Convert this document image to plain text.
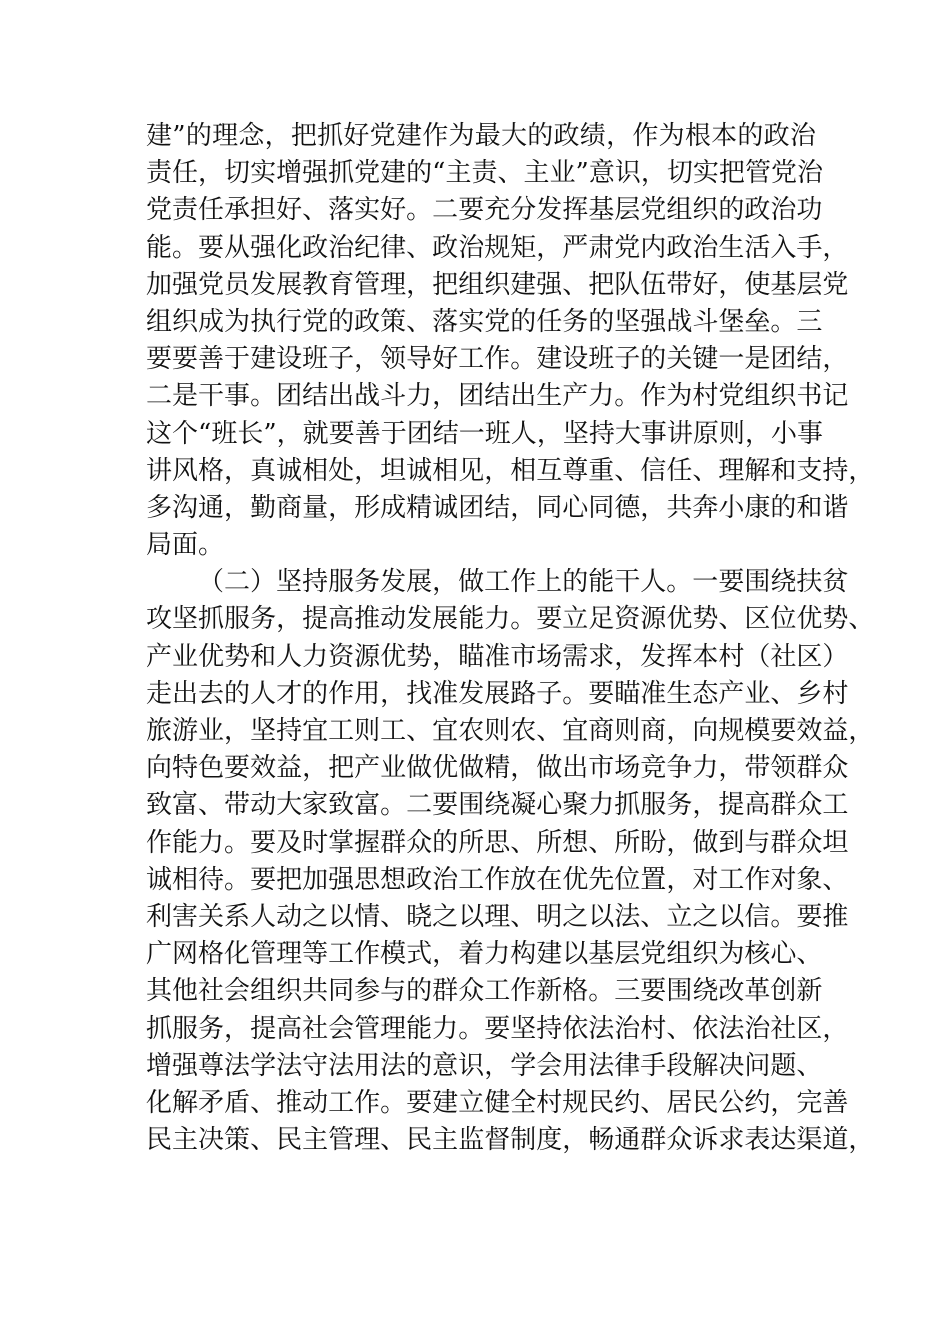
建 ” 的 理 念 ， 把 抓 好 党 建 作 为 最 大 的 政 绩 ， 作 为 根 本 的 政 治
责 任 ， 切 实 增 强 抓 党 建 的 “ 主 责 、 主 业 ” 意 识 ， 切 实 把 管 党 治
党 责 任 承 担 好 、 落 实 好 。 二 要 充 分 发 挥 基 层 党 组 织 的 政 治 功
能 。 要 从 强 化 政 治 纪 律 、 政 治 规 矩 ， 严 肃 党 内 政 治 生 活 入 手 ，
加 强 党 员 发 展 教 育 管 理 ， 把 组 织 建 强 、 把 队 伍 带 好 ， 使 基 层 党
组 织 成 为 执 行 党 的 政 策 、 落 实 党 的 任 务 的 坚 强 战 斗 堡 垒 。 三
要 要 善 于 建 设 班 子 ， 领 导 好 工 作 。 建 设 班 子 的 关 键 一 是 团 结 ，
二 是 干 事 。 团 结 出 战 斗 力 ， 团 结 出 生 产 力 。 作 为 村 党 组 织 书 记
这 个 “ 班 长 ” ， 就 要 善 于 团 结 一 班 人 ， 坚 持 大 事 讲 原 则 ， 小 事
讲 风 格 ， 真 诚 相 处 ， 坦 诚 相 见 ， 相 互 尊 重 、 信 任 、 理 解 和 支 持 ，
多 沟 通 ， 勤 商 量 ， 形 成 精 诚 团 结 ， 同 心 同 德 ， 共 奔 小 康 的 和 谐
局面。
（ 二 ） 坚 持 服 务 发 展 ， 做 工 作 上 的 能 干 人 。 一 要 围 绕 扶 贫
攻 坚 抓 服 务 ， 提 高 推 动 发 展 能 力 。 要 立 足 资 源 优 势 、 区 位 优 势 、
产 业 优 势 和 人 力 资 源 优 势 ， 瞄 准 市 场 需 求 ， 发 挥 本 村 （ 社 区 ）
走 出 去 的 人 才 的 作 用 ， 找 准 发 展 路 子 。 要 瞄 准 生 态 产 业 、 乡 村
旅 游 业 ， 坚 持 宜 工 则 工 、 宜 农 则 农 、 宜 商 则 商 ， 向 规 模 要 效 益 ，
向 特 色 要 效 益 ， 把 产 业 做 优 做 精 ， 做 出 市 场 竞 争 力 ， 带 领 群 众
致 富 、 带 动 大 家 致 富 。 二 要 围 绕 凝 心 聚 力 抓 服 务 ， 提 高 群 众 工
作 能 力 。 要 及 时 掌 握 群 众 的 所 思 、 所 想 、 所 盼 ， 做 到 与 群 众 坦
诚 相 待 。 要 把 加 强 思 想 政 治 工 作 放 在 优 先 位 置 ， 对 工 作 对 象 、
利 害 关 系 人 动 之 以 情 、 晓 之 以 理 、 明 之 以 法 、 立 之 以 信 。 要 推
广 网 格 化 管 理 等 工 作 模 式 ， 着 力 构 建 以 基 层 党 组 织 为 核 心 、
其 他 社 会 组 织 共 同 参 与 的 群 众 工 作 新 格 。 三 要 围 绕 改 革 创 新
抓 服 务 ， 提 高 社 会 管 理 能 力 。 要 坚 持 依 法 治 村 、 依 法 治 社 区 ，
增 强 尊 法 学 法 守 法 用 法 的 意 识 ， 学 会 用 法 律 手 段 解 决 问 题 、
化 解 矛 盾 、 推 动 工 作 。 要 建 立 健 全 村 规 民 约 、 居 民 公 约 ， 完 善
民 主 决 策 、 民 主 管 理 、 民 主 监 督 制 度 ， 畅 通 群 众 诉 求 表 达 渠 道 ，
